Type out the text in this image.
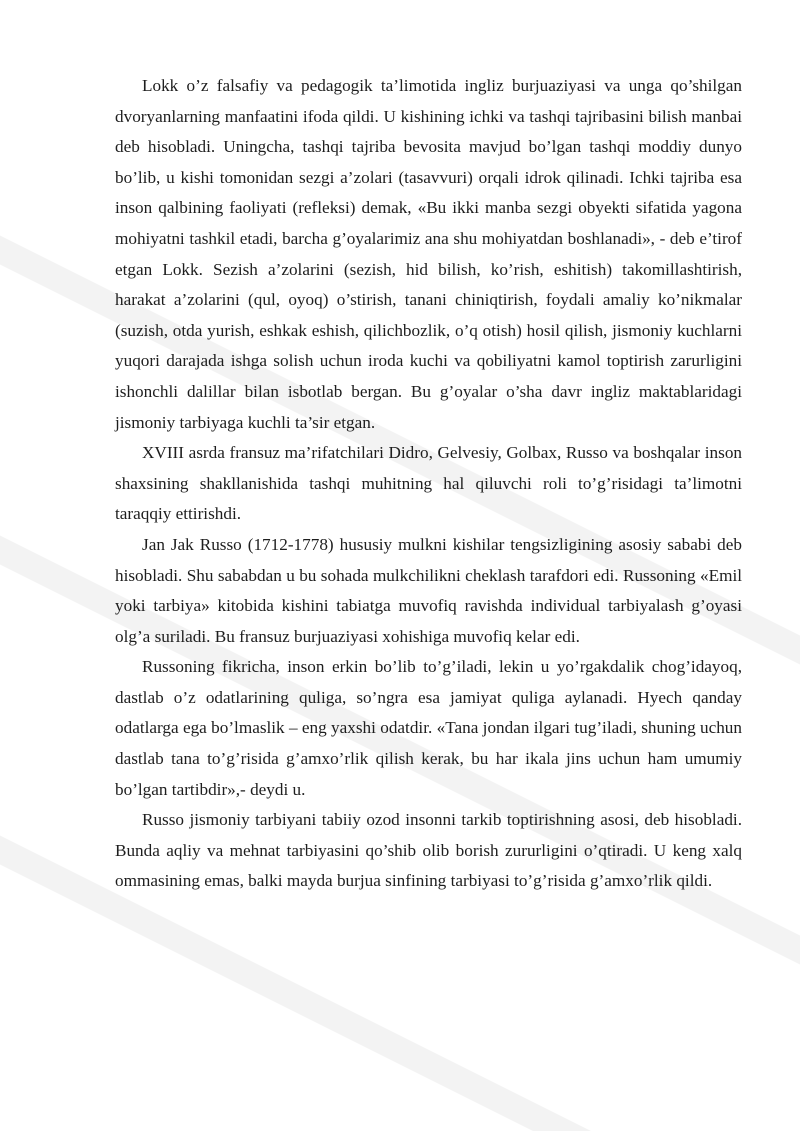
Lokk o’z falsafiy va pedagogik ta’limotida ingliz burjuaziyasi va unga qo’shilgan dvoryanlarning manfaatini ifoda qildi. U kishining ichki va tashqi tajribasini bilish manbai deb hisobladi. Uningcha, tashqi tajriba bevosita mavjud bo’lgan tashqi moddiy dunyo bo’lib, u kishi tomonidan sezgi a’zolari (tasavvuri) orqali idrok qilinadi. Ichki tajriba esa inson qalbining faoliyati (refleksi) demak, «Bu ikki manba sezgi obyekti sifatida yagona mohiyatni tashkil etadi, barcha g’oyalarimiz ana shu mohiyatdan boshlanadi», - deb e’tirof etgan Lokk. Sezish a’zolarini (sezish, hid bilish, ko’rish, eshitish) takomillashtirish, harakat a’zolarini (qul, oyoq) o’stirish, tanani chiniqtirish, foydali amaliy ko’nikmalar (suzish, otda yurish, eshkak eshish, qilichbozlik, o’q otish) hosil qilish, jismoniy kuchlarni yuqori darajada ishga solish uchun iroda kuchi va qobiliyatni kamol toptirish zarurligini ishonchli dalillar bilan isbotlab bergan. Bu g’oyalar o’sha davr ingliz maktablaridagi jismoniy tarbiyaga kuchli ta’sir etgan.

XVIII asrda fransuz ma’rifatchilari Didro, Gelvesiy, Golbax, Russo va boshqalar inson shaxsining shakllanishida tashqi muhitning hal qiluvchi roli to’g’risidagi ta’limotni taraqqiy ettirishdi.

Jan Jak Russo (1712-1778) hususiy mulkni kishilar tengsizligining asosiy sababi deb hisobladi. Shu sababdan u bu sohada mulkchilikni cheklash tarafdori edi. Russoning «Emil yoki tarbiya» kitobida kishini tabiatga muvofiq ravishda individual tarbiyalash g’oyasi olg’a suriladi. Bu fransuz burjuaziyasi xohishiga muvofiq kelar edi.

Russoning fikricha, inson erkin bo’lib to’g’iladi, lekin u yo’rgakdalik chog’idayoq, dastlab o’z odatlarining quliga, so’ngra esa jamiyat quliga aylanadi. Hyech qanday odatlarga ega bo’lmaslik – eng yaxshi odatdir. «Tana jondan ilgari tug’iladi, shuning uchun dastlab tana to’g’risida g’amxo’rlik qilish kerak, bu har ikala jins uchun ham umumiy bo’lgan tartibdir»,- deydi u.

Russo jismoniy tarbiyani tabiiy ozod insonni tarkib toptirishning asosi, deb hisobladi. Bunda aqliy va mehnat tarbiyasini qo’shib olib borish zururligini o’qtiradi. U keng xalq ommasining emas, balki mayda burjua sinfining tarbiyasi to’g’risida g’amxo’rlik qildi.
